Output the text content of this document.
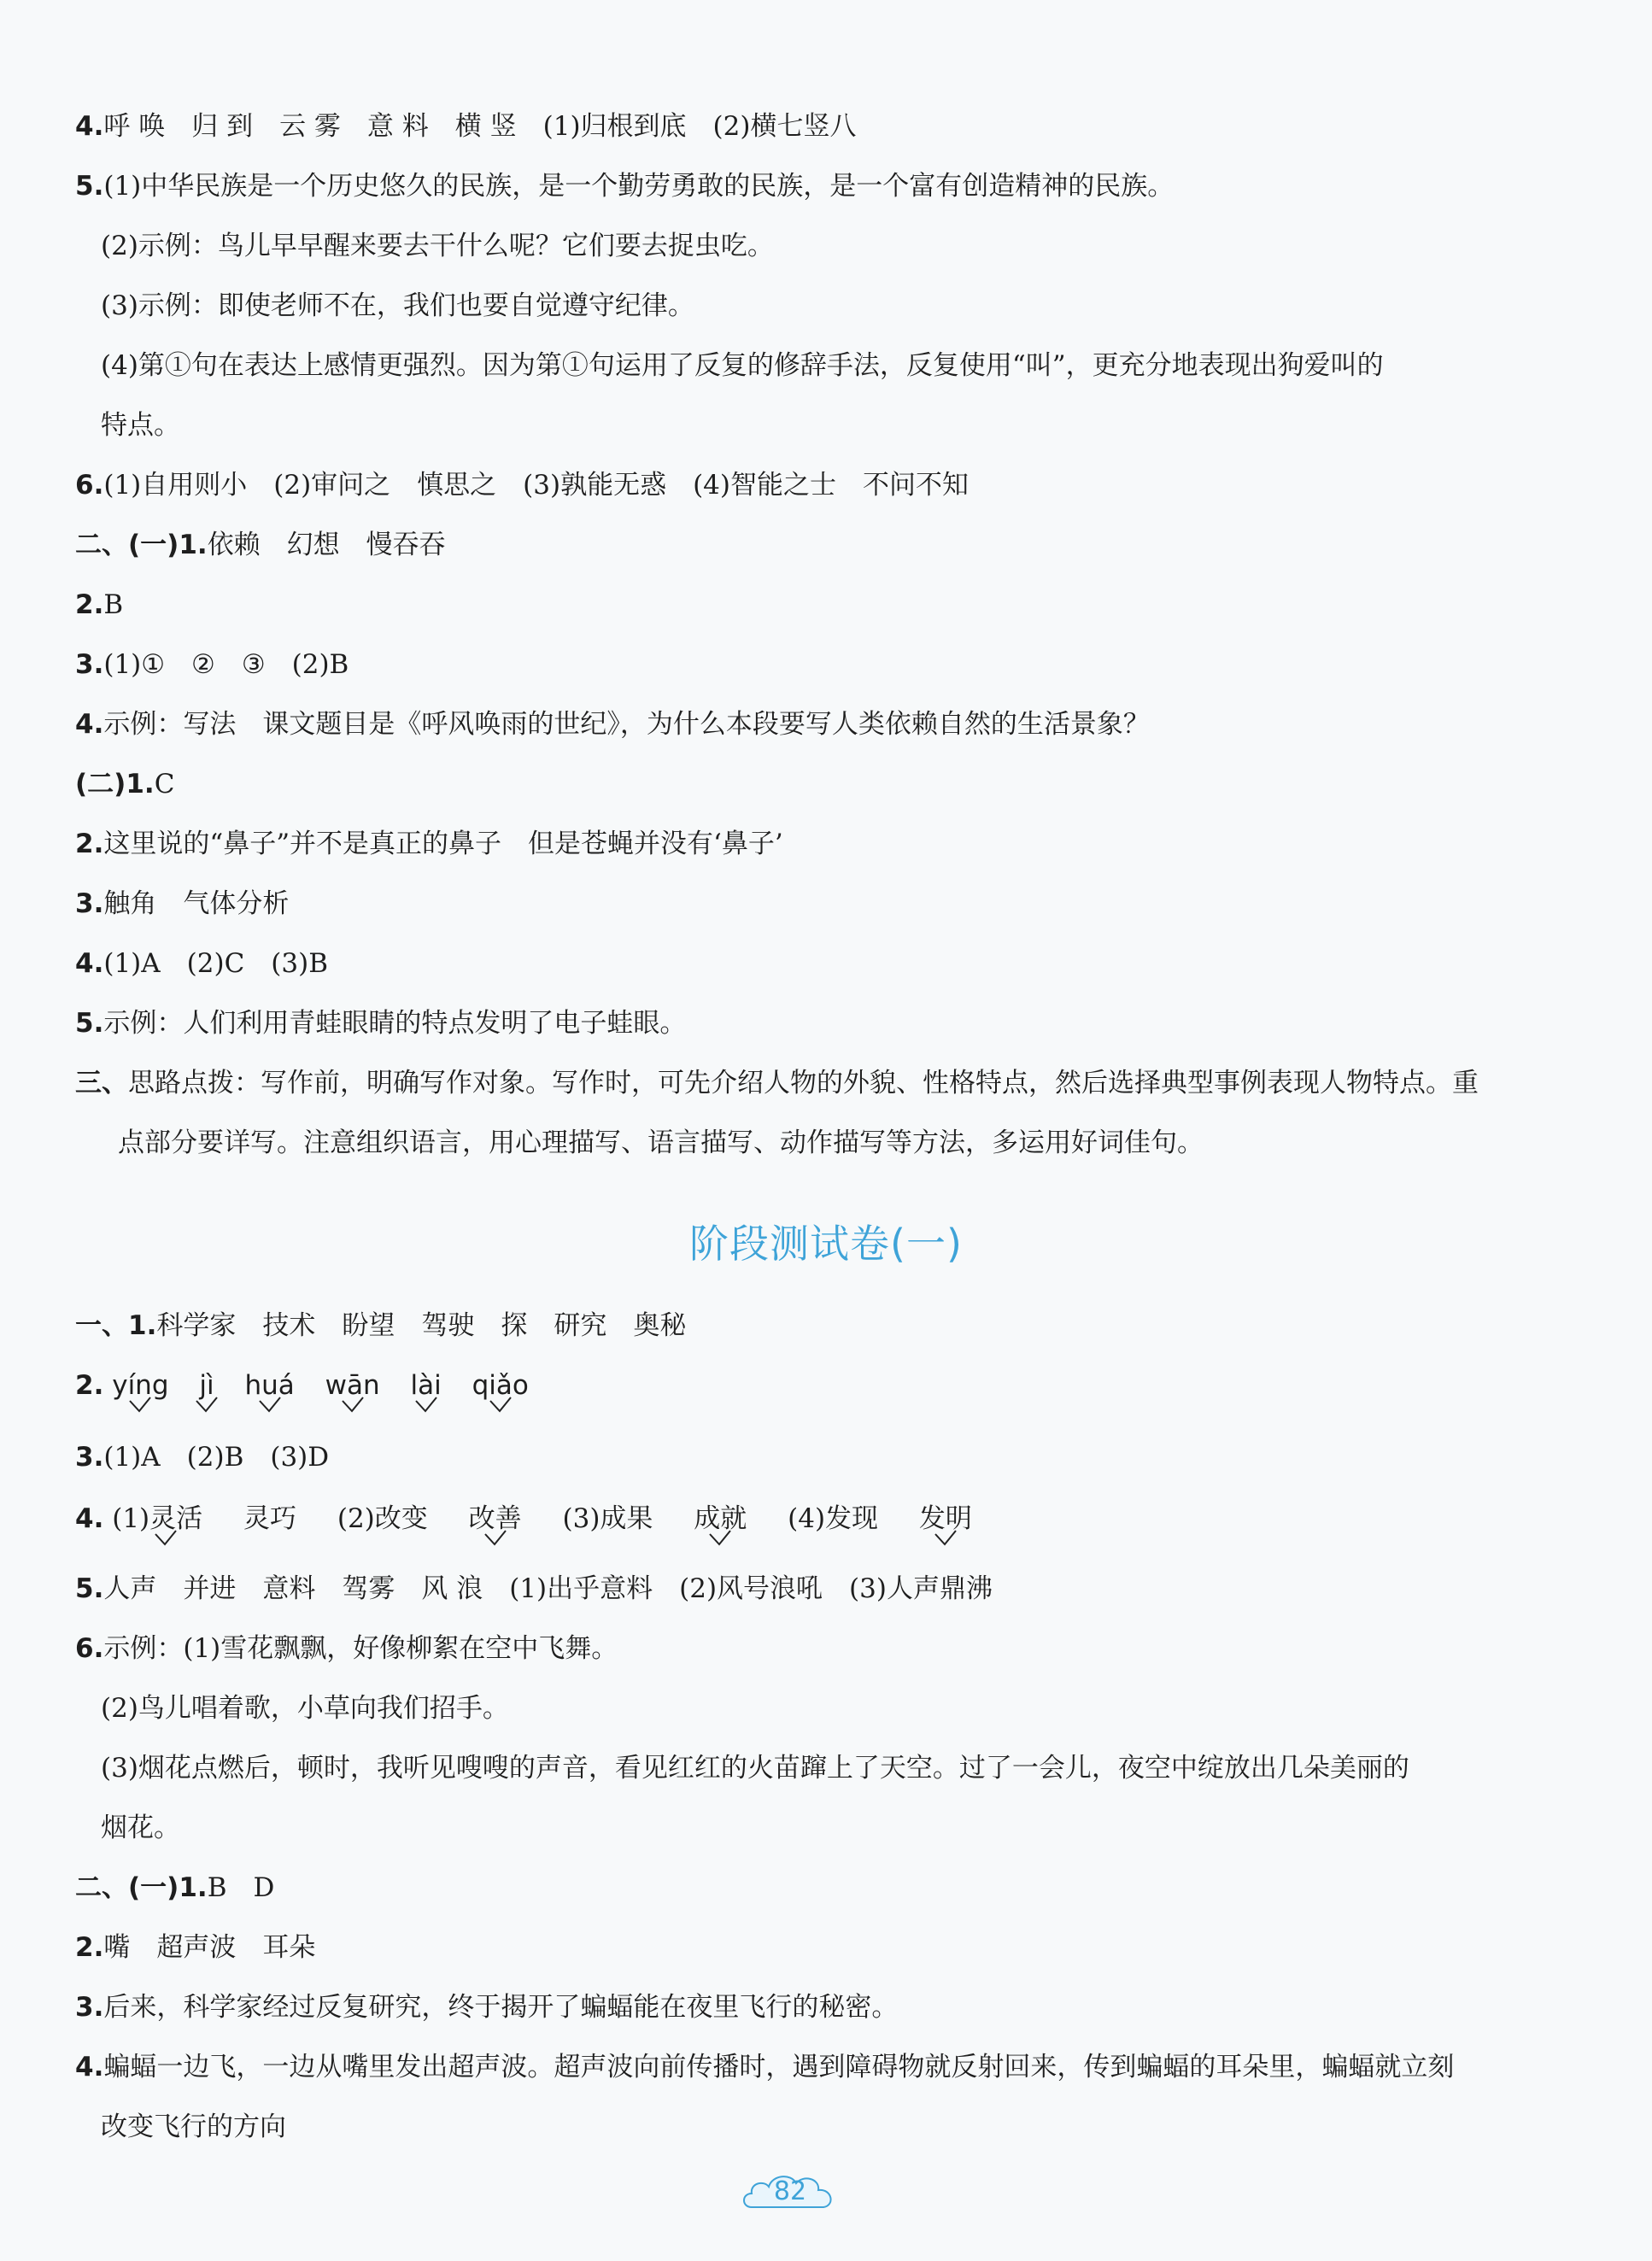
4.呼 唤　归 到　云 雾　意 料　横 竖　(1)归根到底　(2)横七竖八
5.(1)中华民族是一个历史悠久的民族，是一个勤劳勇敢的民族，是一个富有创造精神的民族。
(2)示例：鸟儿早早醒来要去干什么呢？它们要去捉虫吃。
(3)示例：即使老师不在，我们也要自觉遵守纪律。
(4)第①句在表达上感情更强烈。因为第①句运用了反复的修辞手法，反复使用“叫”，更充分地表现出狗爱叫的
特点。
6.(1)自用则小　(2)审问之　慎思之　(3)孰能无惑　(4)智能之士　不问不知
二、(一)1.依赖　幻想　慢吞吞
2.B
3.(1)①　②　③　(2)B
4.示例：写法　课文题目是《呼风唤雨的世纪》，为什么本段要写人类依赖自然的生活景象？
(二)1.C
2.这里说的“鼻子”并不是真正的鼻子　但是苍蝇并没有‘鼻子’
3.触角　气体分析
4.(1)A　(2)C　(3)B
5.示例：人们利用青蛙眼睛的特点发明了电子蛙眼。
三、思路点拨：写作前，明确写作对象。写作时，可先介绍人物的外貌、性格特点，然后选择典型事例表现人物特点。重
点部分要详写。注意组织语言，用心理描写、语言描写、动作描写等方法，多运用好词佳句。
阶段测试卷(一)
一、1.科学家　技术　盼望　驾驶　探　研究　奥秘
2. yíng jì huá wān lài qiǎo
3.(1)A　(2)B　(3)D
4. (1)灵活 灵巧 (2)改变 改善 (3)成果 成就 (4)发现 发明
5.人声　并进　意料　驾雾　风 浪　(1)出乎意料　(2)风号浪吼　(3)人声鼎沸
6.示例：(1)雪花飘飘，好像柳絮在空中飞舞。
(2)鸟儿唱着歌，小草向我们招手。
(3)烟花点燃后，顿时，我听见嗖嗖的声音，看见红红的火苗蹿上了天空。过了一会儿，夜空中绽放出几朵美丽的
烟花。
二、(一)1.B　D
2.嘴　超声波　耳朵
3.后来，科学家经过反复研究，终于揭开了蝙蝠能在夜里飞行的秘密。
4.蝙蝠一边飞，一边从嘴里发出超声波。超声波向前传播时，遇到障碍物就反射回来，传到蝙蝠的耳朵里，蝙蝠就立刻
改变飞行的方向
82
